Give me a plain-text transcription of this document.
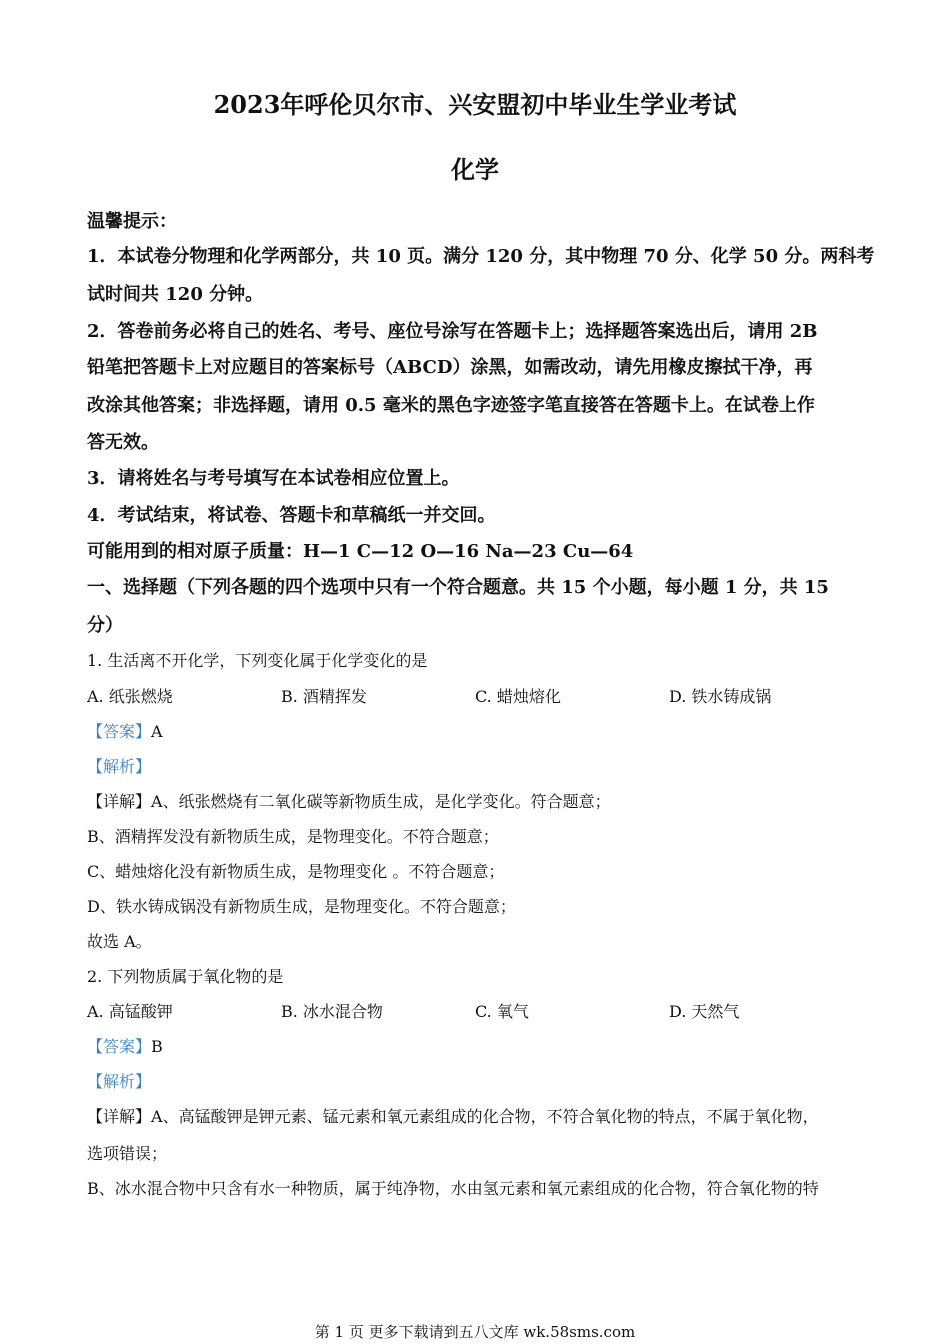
2023年呼伦贝尔市、兴安盟初中毕业生学业考试
化学
温馨提示：
1．本试卷分物理和化学两部分，共 10 页。满分 120 分，其中物理 70 分、化学 50 分。两科考
试时间共 120 分钟。
2．答卷前务必将自己的姓名、考号、座位号涂写在答题卡上；选择题答案选出后，请用 2B
铅笔把答题卡上对应题目的答案标号（ABCD）涂黑，如需改动，请先用橡皮擦拭干净，再
改涂其他答案；非选择题，请用 0.5 毫米的黑色字迹签字笔直接答在答题卡上。在试卷上作
答无效。
3．请将姓名与考号填写在本试卷相应位置上。
4．考试结束，将试卷、答题卡和草稿纸一并交回。
可能用到的相对原子质量：H—1 C—12 O—16 Na—23 Cu—64
一、选择题（下列各题的四个选项中只有一个符合题意。共 15 个小题，每小题 1 分，共 15
分）
1. 生活离不开化学，下列变化属于化学变化的是
A. 纸张燃烧	B. 酒精挥发	C. 蜡烛熔化	D. 铁水铸成锅
【答案】A
【解析】
【详解】A、纸张燃烧有二氧化碳等新物质生成，是化学变化。符合题意；
B、酒精挥发没有新物质生成，是物理变化。不符合题意；
C、蜡烛熔化没有新物质生成，是物理变化 。不符合题意；
D、铁水铸成锅没有新物质生成，是物理变化。不符合题意；
故选 A。
2. 下列物质属于氧化物的是
A. 高锰酸钾	B. 冰水混合物	C. 氧气	D. 天然气
【答案】B
【解析】
【详解】A、高锰酸钾是钾元素、锰元素和氧元素组成的化合物，不符合氧化物的特点，不属于氧化物，
选项错误；
B、冰水混合物中只含有水一种物质，属于纯净物，水由氢元素和氧元素组成的化合物，符合氧化物的特
第 1 页 更多下载请到五八文库 wk.58sms.com
